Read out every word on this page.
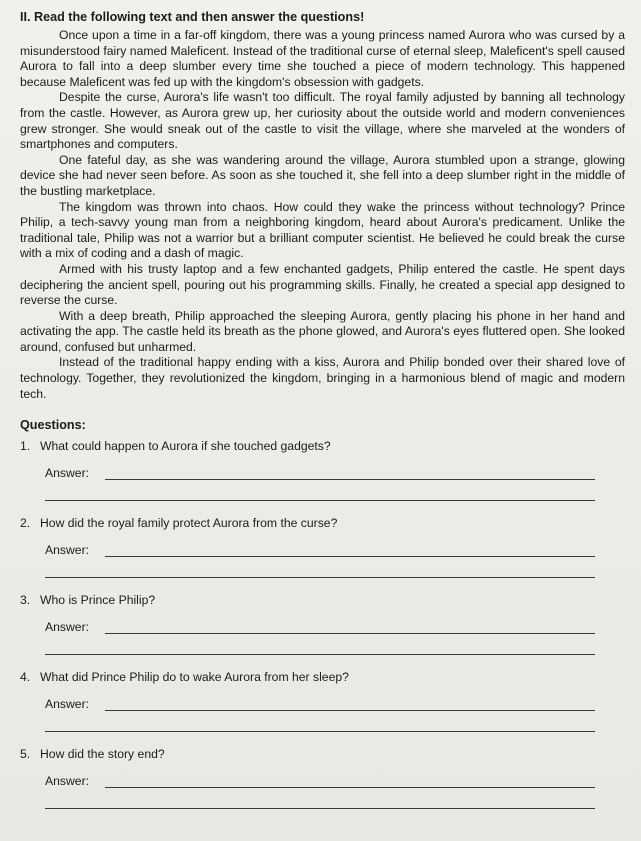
II. Read the following text and then answer the questions!

Once upon a time in a far-off kingdom, there was a young princess named Aurora who was cursed by a misunderstood fairy named Maleficent. Instead of the traditional curse of eternal sleep, Maleficent's spell caused Aurora to fall into a deep slumber every time she touched a piece of modern technology. This happened because Maleficent was fed up with the kingdom's obsession with gadgets.

Despite the curse, Aurora's life wasn't too difficult. The royal family adjusted by banning all technology from the castle. However, as Aurora grew up, her curiosity about the outside world and modern conveniences grew stronger. She would sneak out of the castle to visit the village, where she marveled at the wonders of smartphones and computers.

One fateful day, as she was wandering around the village, Aurora stumbled upon a strange, glowing device she had never seen before. As soon as she touched it, she fell into a deep slumber right in the middle of the bustling marketplace.

The kingdom was thrown into chaos. How could they wake the princess without technology? Prince Philip, a tech-savvy young man from a neighboring kingdom, heard about Aurora's predicament. Unlike the traditional tale, Philip was not a warrior but a brilliant computer scientist. He believed he could break the curse with a mix of coding and a dash of magic.

Armed with his trusty laptop and a few enchanted gadgets, Philip entered the castle. He spent days deciphering the ancient spell, pouring out his programming skills. Finally, he created a special app designed to reverse the curse.

With a deep breath, Philip approached the sleeping Aurora, gently placing his phone in her hand and activating the app. The castle held its breath as the phone glowed, and Aurora's eyes fluttered open. She looked around, confused but unharmed.

Instead of the traditional happy ending with a kiss, Aurora and Philip bonded over their shared love of technology. Together, they revolutionized the kingdom, bringing in a harmonious blend of magic and modern tech.

Questions:
1. What could happen to Aurora if she touched gadgets?
Answer:
2. How did the royal family protect Aurora from the curse?
Answer:
3. Who is Prince Philip?
Answer:
4. What did Prince Philip do to wake Aurora from her sleep?
Answer:
5. How did the story end?
Answer:
